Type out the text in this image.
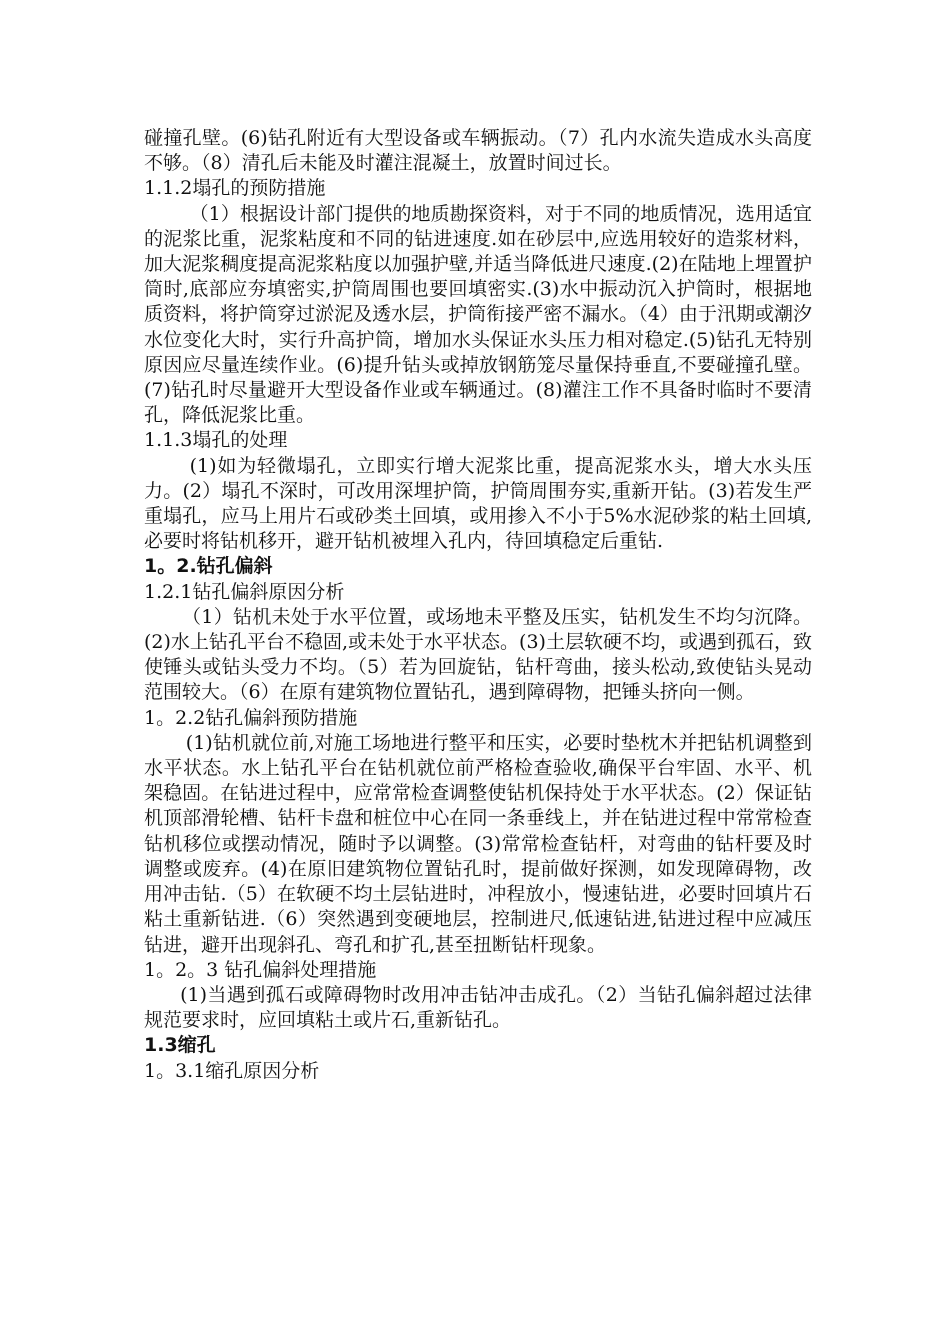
碰撞孔壁。(6)钻孔附近有大型设备或车辆振动。（7）孔内水流失造成水头高度不够。（8）清孔后未能及时灌注混凝土，放置时间过长。

1.1.2塌孔的预防措施

（1）根据设计部门提供的地质勘探资料，对于不同的地质情况，选用适宜的泥浆比重，泥浆粘度和不同的钻进速度.如在砂层中,应选用较好的造浆材料，加大泥浆稠度提高泥浆粘度以加强护壁,并适当降低进尺速度.(2)在陆地上埋置护筒时,底部应夯填密实,护筒周围也要回填密实.(3)水中振动沉入护筒时，根据地质资料，将护筒穿过淤泥及透水层，护筒衔接严密不漏水。（4）由于汛期或潮汐水位变化大时，实行升高护筒，增加水头保证水头压力相对稳定.(5)钻孔无特别原因应尽量连续作业。(6)提升钻头或掉放钢筋笼尽量保持垂直,不要碰撞孔壁。(7)钻孔时尽量避开大型设备作业或车辆通过。(8)灌注工作不具备时临时不要清孔，降低泥浆比重。

1.1.3塌孔的处理

(1)如为轻微塌孔，立即实行增大泥浆比重，提高泥浆水头，增大水头压力。(2）塌孔不深时，可改用深埋护筒，护筒周围夯实,重新开钻。(3)若发生严重塌孔，应马上用片石或砂类土回填，或用掺入不小于5%水泥砂浆的粘土回填,必要时将钻机移开，避开钻机被埋入孔内，待回填稳定后重钻.

1。2.钻孔偏斜

1.2.1钻孔偏斜原因分析

（1）钻机未处于水平位置，或场地未平整及压实，钻机发生不均匀沉降。(2)水上钻孔平台不稳固,或未处于水平状态。(3)土层软硬不均，或遇到孤石，致使锤头或钻头受力不均。（5）若为回旋钻，钻杆弯曲，接头松动,致使钻头晃动范围较大。（6）在原有建筑物位置钻孔，遇到障碍物，把锤头挤向一侧。

1。2.2钻孔偏斜预防措施

(1)钻机就位前,对施工场地进行整平和压实，必要时垫枕木并把钻机调整到水平状态。水上钻孔平台在钻机就位前严格检查验收,确保平台牢固、水平、机架稳固。在钻进过程中，应常常检查调整使钻机保持处于水平状态。(2）保证钻机顶部滑轮槽、钻杆卡盘和桩位中心在同一条垂线上，并在钻进过程中常常检查钻机移位或摆动情况，随时予以调整。(3)常常检查钻杆，对弯曲的钻杆要及时调整或废弃。(4)在原旧建筑物位置钻孔时，提前做好探测，如发现障碍物，改用冲击钻.（5）在软硬不均土层钻进时，冲程放小，慢速钻进，必要时回填片石粘土重新钻进.（6）突然遇到变硬地层，控制进尺,低速钻进,钻进过程中应减压钻进，避开出现斜孔、弯孔和扩孔,甚至扭断钻杆现象。

1。2。3 钻孔偏斜处理措施

(1)当遇到孤石或障碍物时改用冲击钻冲击成孔。（2）当钻孔偏斜超过法律规范要求时，应回填粘土或片石,重新钻孔。

1.3缩孔

1。3.1缩孔原因分析
